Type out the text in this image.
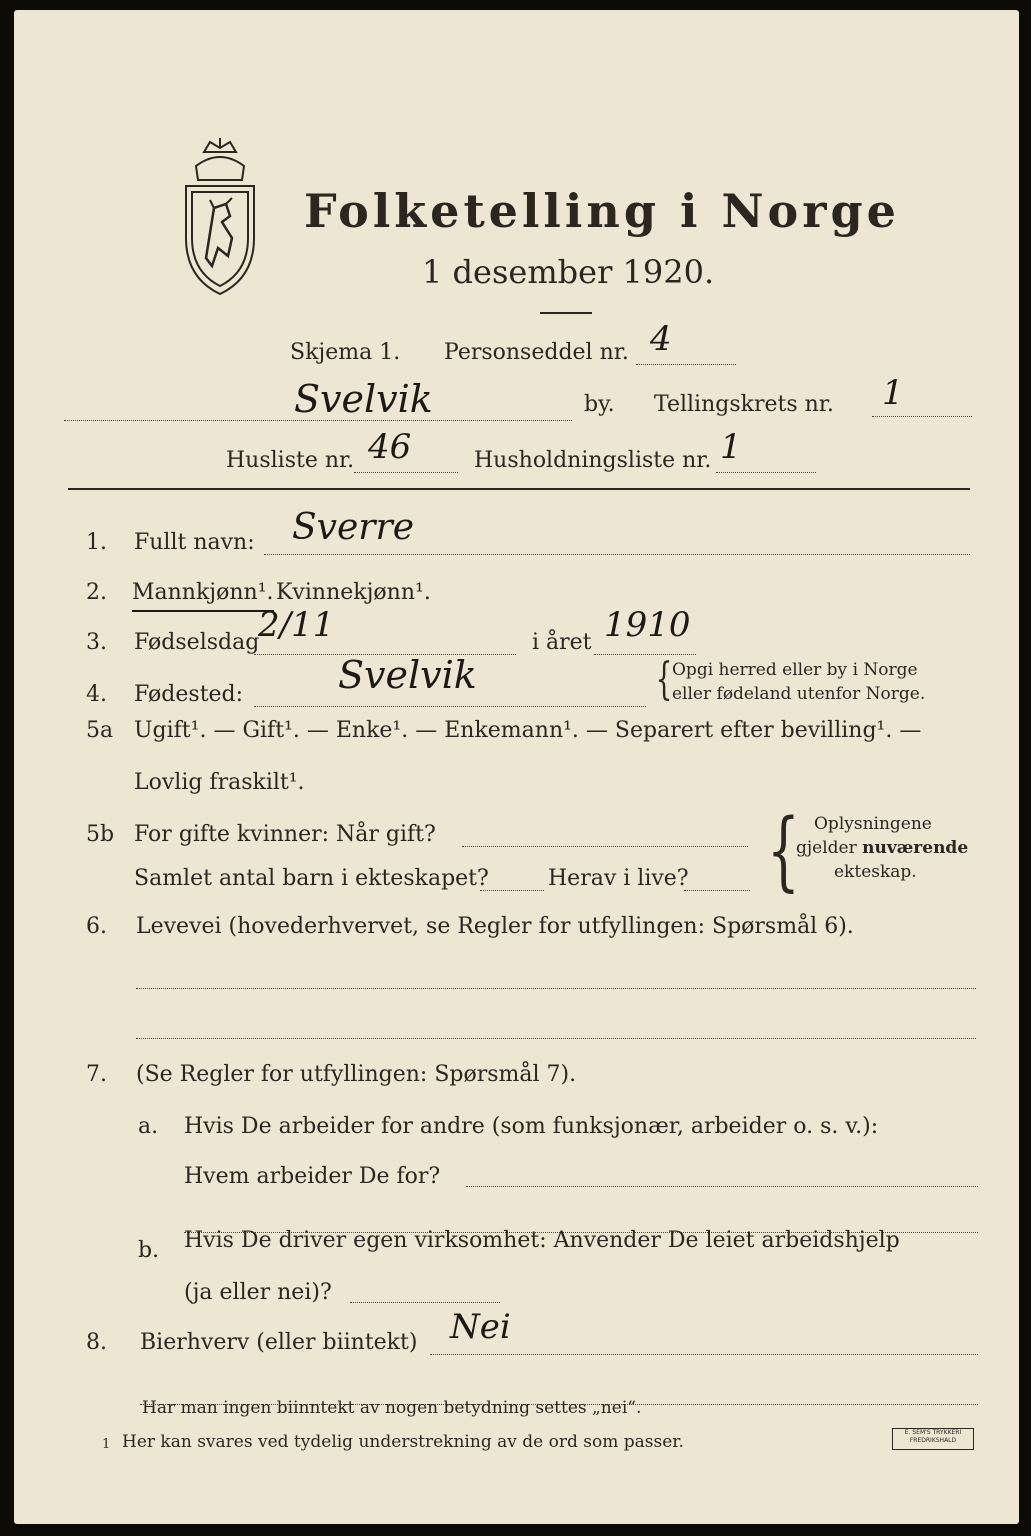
Folketelling i Norge
1 desember 1920.
Skjema 1. Personseddel nr. 4
Svelvik	by. Tellingskrets nr. 1
Husliste nr. 46	Husholdningsliste nr. 1
1. Fullt navn: Sverre
2. Mannkjønn¹. Kvinnekjønn¹.
3. Fødselsdag
2/11	i året 1910
4. Fødested: Svelvik	{ Opgi herred eller by i Norge
eller fødeland utenfor Norge.
5a Ugift¹. — Gift¹. — Enke¹. — Enkemann¹. — Separert efter bevilling¹. —
Lovlig fraskilt¹.
5b For gifte kvinner: Når gift?
Samlet antal barn i ekteskapet?	Herav i live? { Oplysningene
gjelder nuværende
ekteskap.
6. Levevei (hovederhvervet, se Regler for utfyllingen: Spørsmål 6).
7. (Se Regler for utfyllingen: Spørsmål 7).
a. Hvis De arbeider for andre (som funksjonær, arbeider o. s. v.):
Hvem arbeider De for?
b. Hvis De driver egen virksomhet: Anvender De leiet arbeidshjelp
(ja eller nei)?
8. Bierhverv (eller biintekt) Nei
Har man ingen biinntekt av nogen betydning settes „nei“.
1 Her kan svares ved tydelig understrekning av de ord som passer.	E. SEM'S TRYKKERI
FREDRIKSHALD
